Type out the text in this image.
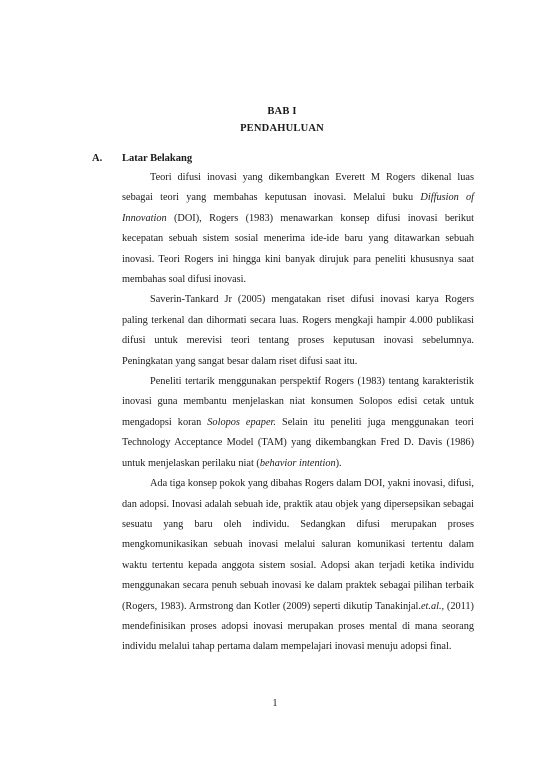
BAB I
PENDAHULUAN
A. Latar Belakang

Teori difusi inovasi yang dikembangkan Everett M Rogers dikenal luas sebagai teori yang membahas keputusan inovasi. Melalui buku Diffusion of Innovation (DOI), Rogers (1983) menawarkan konsep difusi inovasi berikut kecepatan sebuah sistem sosial menerima ide-ide baru yang ditawarkan sebuah inovasi. Teori Rogers ini hingga kini banyak dirujuk para peneliti khususnya saat membahas soal difusi inovasi.

Saverin-Tankard Jr (2005) mengatakan riset difusi inovasi karya Rogers paling terkenal dan dihormati secara luas. Rogers mengkaji hampir 4.000 publikasi difusi untuk merevisi teori tentang proses keputusan inovasi sebelumnya. Peningkatan yang sangat besar dalam riset difusi saat itu.

Peneliti tertarik menggunakan perspektif Rogers (1983) tentang karakteristik inovasi guna membantu menjelaskan niat konsumen Solopos edisi cetak untuk mengadopsi koran Solopos epaper. Selain itu peneliti juga menggunakan teori Technology Acceptance Model (TAM) yang dikembangkan Fred D. Davis (1986) untuk menjelaskan perilaku niat (behavior intention).

Ada tiga konsep pokok yang dibahas Rogers dalam DOI, yakni inovasi, difusi, dan adopsi. Inovasi adalah sebuah ide, praktik atau objek yang dipersepsikan sebagai sesuatu yang baru oleh individu. Sedangkan difusi merupakan proses mengkomunikasikan sebuah inovasi melalui saluran komunikasi tertentu dalam waktu tertentu kepada anggota sistem sosial. Adopsi akan terjadi ketika individu menggunakan secara penuh sebuah inovasi ke dalam praktek sebagai pilihan terbaik (Rogers, 1983). Armstrong dan Kotler (2009) seperti dikutip Tanakinjal.et.al., (2011) mendefinisikan proses adopsi inovasi merupakan proses mental di mana seorang individu melalui tahap pertama dalam mempelajari inovasi menuju adopsi final.

1
